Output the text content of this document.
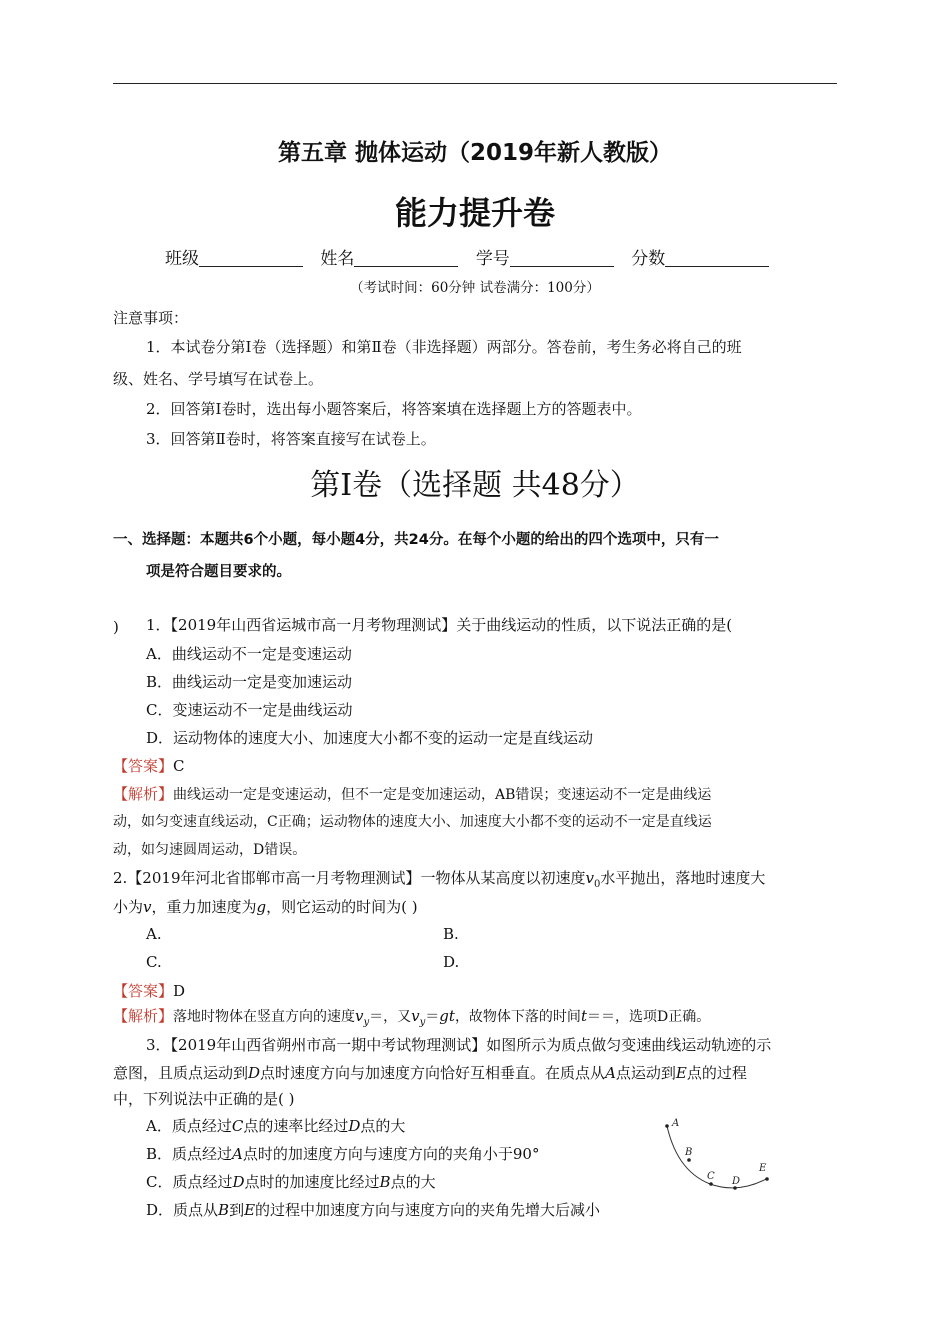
第五章 抛体运动（2019年新人教版）
能力提升卷
班级	姓名	学号	分数
（考试时间：60分钟 试卷满分：100分）
注意事项：
1．本试卷分第Ⅰ卷（选择题）和第Ⅱ卷（非选择题）两部分。答卷前，考生务必将自己的班
级、姓名、学号填写在试卷上。
2．回答第Ⅰ卷时，选出每小题答案后，将答案填在选择题上方的答题表中。
3．回答第Ⅱ卷时，将答案直接写在试卷上。
第Ⅰ卷（选择题 共48分）
一、选择题：本题共6个小题，每小题4分，共24分。在每个小题的给出的四个选项中，只有一
项是符合题目要求的。
1．【2019年山西省运城市高一月考物理测试】关于曲线运动的性质，以下说法正确的是(
)
A．曲线运动不一定是变速运动
B．曲线运动一定是变加速运动
C．变速运动不一定是曲线运动
D．运动物体的速度大小、加速度大小都不变的运动一定是直线运动
【答案】C
【解析】曲线运动一定是变速运动，但不一定是变加速运动，AB错误；变速运动不一定是曲线运
动，如匀变速直线运动，C正确；运动物体的速度大小、加速度大小都不变的运动不一定是直线运
动，如匀速圆周运动，D错误。
2.【2019年河北省邯郸市高一月考物理测试】一物体从某高度以初速度$v_0$水平抛出，落地时速度大
小为v，重力加速度为g，则它运动的时间为( )
A.	B.
C.	D.
【答案】D
【解析】落地时物体在竖直方向的速度$v_y=$，又$v_y=gt$，故物体下落的时间t＝＝，选项D正确。
3．【2019年山西省朔州市高一期中考试物理测试】如图所示为质点做匀变速曲线运动轨迹的示
意图，且质点运动到D点时速度方向与加速度方向恰好互相垂直。在质点从A点运动到E点的过程
中，下列说法中正确的是( )
A．质点经过C点的速率比经过D点的大
B．质点经过A点时的加速度方向与速度方向的夹角小于90°
C．质点经过D点时的加速度比经过B点的大
D．质点从B到E的过程中加速度方向与速度方向的夹角先增大后减小
A
B
C D
E
